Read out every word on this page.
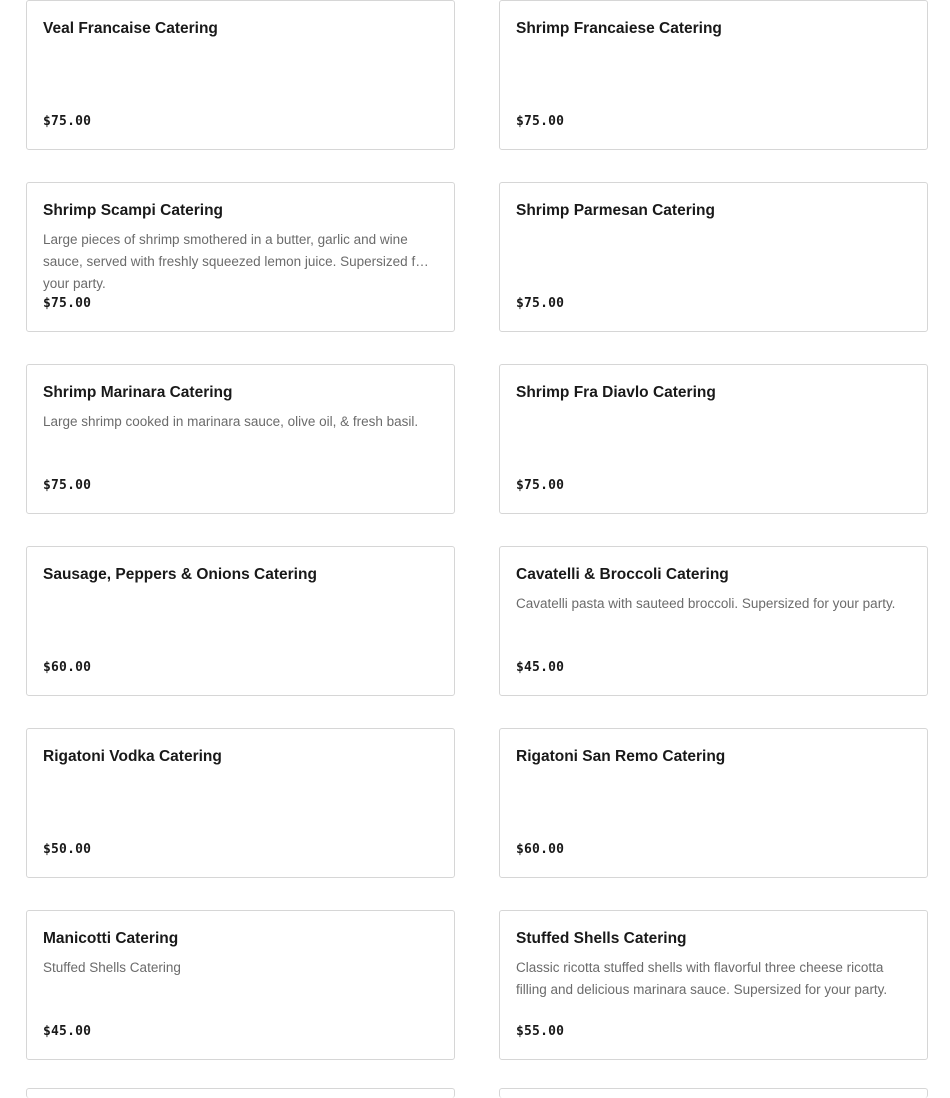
Veal Francaise Catering
$75.00
Shrimp Francaiese Catering
$75.00
Shrimp Scampi Catering
Large pieces of shrimp smothered in a butter, garlic and wine sauce, served with freshly squeezed lemon juice. Supersized for your party.
$75.00
Shrimp Parmesan Catering
$75.00
Shrimp Marinara Catering
Large shrimp cooked in marinara sauce, olive oil, & fresh basil.
$75.00
Shrimp Fra Diavlo Catering
$75.00
Sausage, Peppers & Onions Catering
$60.00
Cavatelli & Broccoli Catering
Cavatelli pasta with sauteed broccoli. Supersized for your party.
$45.00
Rigatoni Vodka Catering
$50.00
Rigatoni San Remo Catering
$60.00
Manicotti Catering
Stuffed Shells Catering
$45.00
Stuffed Shells Catering
Classic ricotta stuffed shells with flavorful three cheese ricotta filling and delicious marinara sauce. Supersized for your party.
$55.00
